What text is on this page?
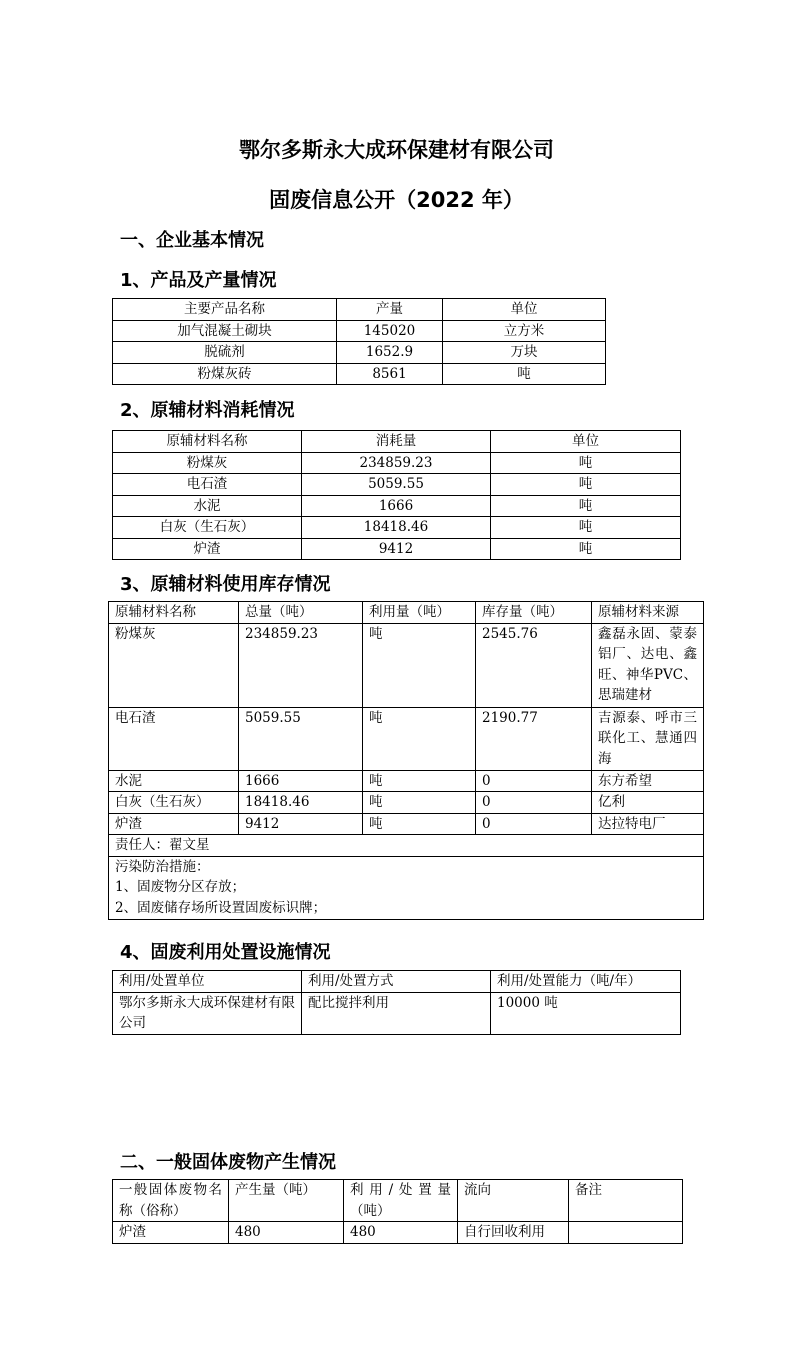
鄂尔多斯永大成环保建材有限公司
固废信息公开（2022 年）
一、企业基本情况
1、产品及产量情况
主要产品名称	产量	单位
加气混凝土砌块	145020	立方米
脱硫剂	1652.9	万块
粉煤灰砖	8561	吨
2、原辅材料消耗情况
原辅材料名称	消耗量	单位
粉煤灰	234859.23	吨
电石渣	5059.55	吨
水泥	1666	吨
白灰（生石灰）	18418.46	吨
炉渣	9412	吨
3、原辅材料使用库存情况
原辅材料名称	总量（吨）	利用量（吨）	库存量（吨）	原辅材料来源
粉煤灰	234859.23	吨	2545.76	鑫磊永固、蒙泰铝厂、达电、鑫旺、神华PVC、思瑞建材
电石渣	5059.55	吨	2190.77	吉源泰、呼市三联化工、慧通四海
水泥	1666	吨	0	东方希望
白灰（生石灰）	18418.46	吨	0	亿利
炉渣	9412	吨	0	达拉特电厂
责任人：翟文星				

污染防治措施：
1、固废物分区存放；
2、固废储存场所设置固废标识牌；				
4、固废利用处置设施情况
利用/处置单位	利用/处置方式	利用/处置能力（吨/年）
鄂尔多斯永大成环保建材有限公司	配比搅拌利用	10000 吨
二、一般固体废物产生情况
一般固体废物名称（俗称）	产生量（吨）	利用/处置量（吨）	流向	备注
炉渣	480	480	自行回收利用	
